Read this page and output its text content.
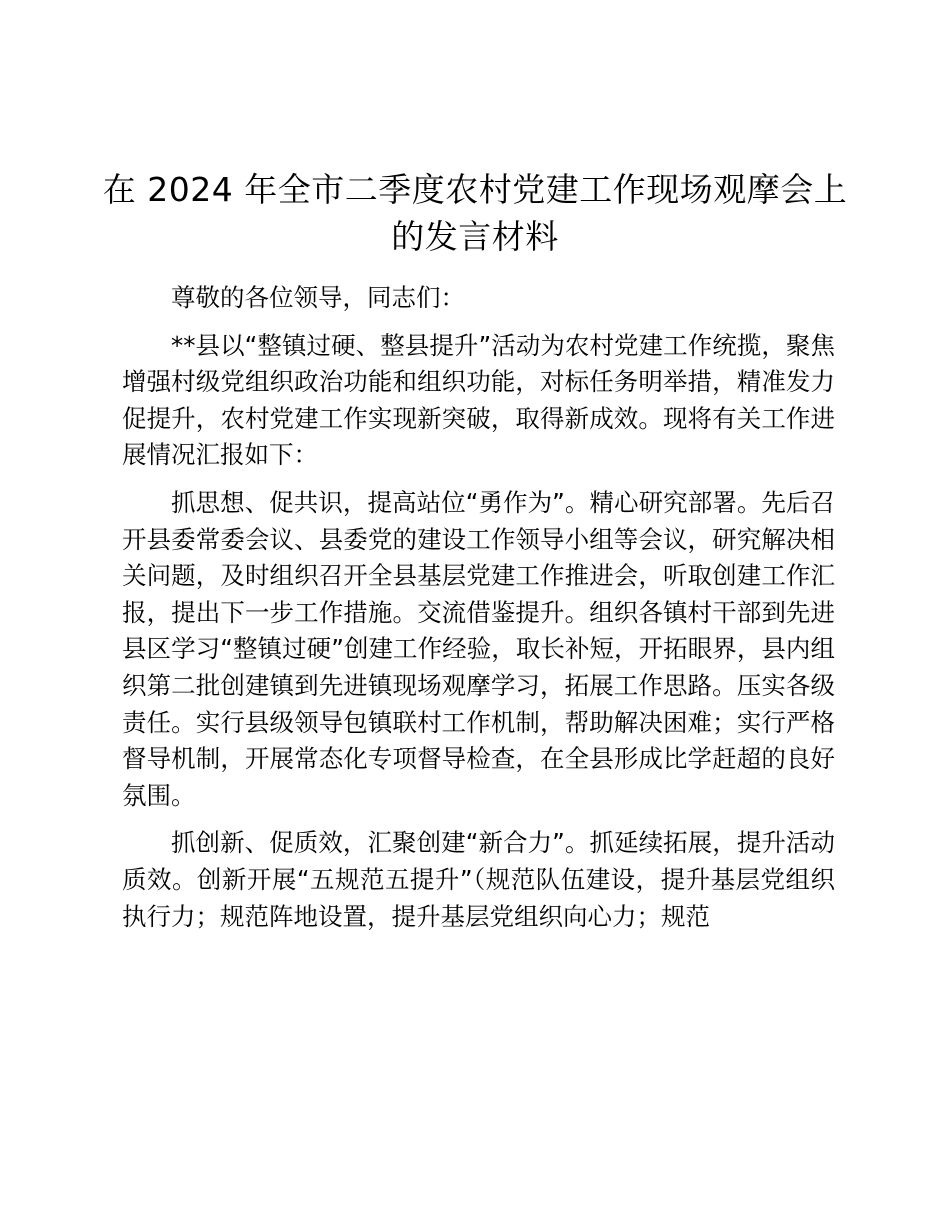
在 2024 年全市二季度农村党建工作现场观摩会上的发言材料

尊敬的各位领导，同志们：

**县以“整镇过硬、整县提升”活动为农村党建工作统揽，聚焦增强村级党组织政治功能和组织功能，对标任务明举措，精准发力促提升，农村党建工作实现新突破，取得新成效。现将有关工作进展情况汇报如下：

抓思想、促共识，提高站位“勇作为”。精心研究部署。先后召开县委常委会议、县委党的建设工作领导小组等会议，研究解决相关问题，及时组织召开全县基层党建工作推进会，听取创建工作汇报，提出下一步工作措施。交流借鉴提升。组织各镇村干部到先进县区学习“整镇过硬”创建工作经验，取长补短，开拓眼界，县内组织第二批创建镇到先进镇现场观摩学习，拓展工作思路。压实各级责任。实行县级领导包镇联村工作机制，帮助解决困难；实行严格督导机制，开展常态化专项督导检查，在全县形成比学赶超的良好氛围。

抓创新、促质效，汇聚创建“新合力”。抓延续拓展，提升活动质效。创新开展“五规范五提升”（规范队伍建设，提升基层党组织执行力；规范阵地设置，提升基层党组织向心力；规范
